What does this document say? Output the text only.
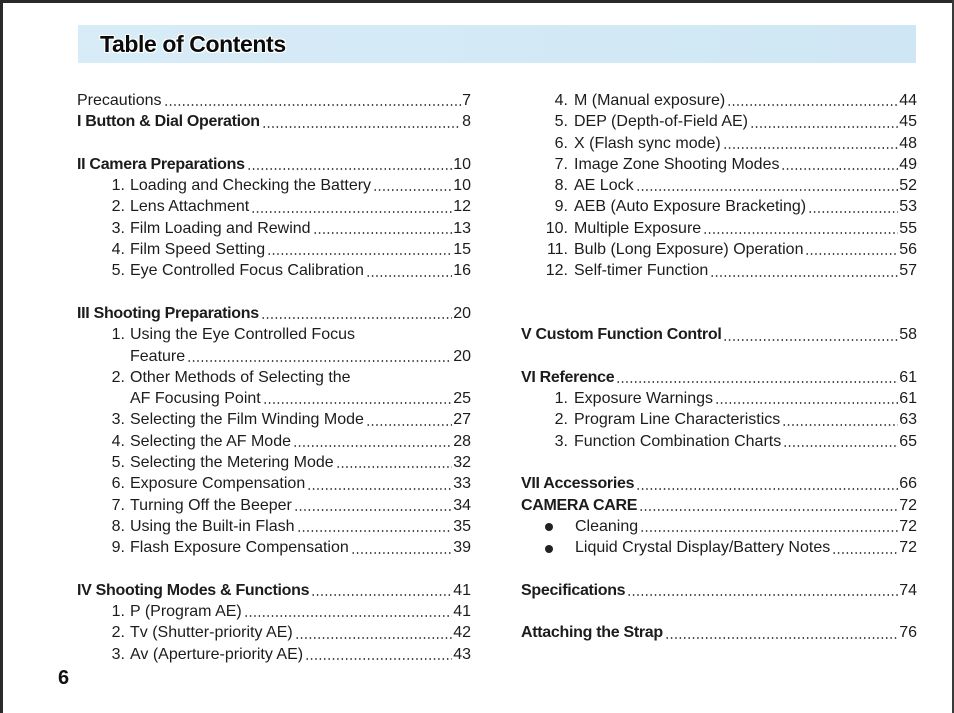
Table of Contents
Precautions	7
I Button & Dial Operation	8
II Camera Preparations	10
1. Loading and Checking the Battery	10
2. Lens Attachment	12
3. Film Loading and Rewind	13
4. Film Speed Setting	15
5. Eye Controlled Focus Calibration	16
III Shooting Preparations	20
1. Using the Eye Controlled Focus
Feature	20
2. Other Methods of Selecting the
AF Focusing Point	25
3. Selecting the Film Winding Mode	27
4. Selecting the AF Mode	28
5. Selecting the Metering Mode	32
6. Exposure Compensation	33
7. Turning Off the Beeper	34
8. Using the Built-in Flash	35
9. Flash Exposure Compensation	39
IV Shooting Modes & Functions	41
1. P (Program AE)	41
2. Tv (Shutter-priority AE)	42
3. Av (Aperture-priority AE)	43
4. M (Manual exposure)	44
5. DEP (Depth-of-Field AE)	45
6. X (Flash sync mode)	48
7. Image Zone Shooting Modes	49
8. AE Lock	52
9. AEB (Auto Exposure Bracketing)	53
10. Multiple Exposure	55
11. Bulb (Long Exposure) Operation	56
12. Self-timer Function	57
V Custom Function Control	58
VI Reference	61
1. Exposure Warnings	61
2. Program Line Characteristics	63
3. Function Combination Charts	65
VII Accessories	66
CAMERA CARE	72
Cleaning	72
Liquid Crystal Display/Battery Notes	72
Specifications	74
Attaching the Strap	76
6
